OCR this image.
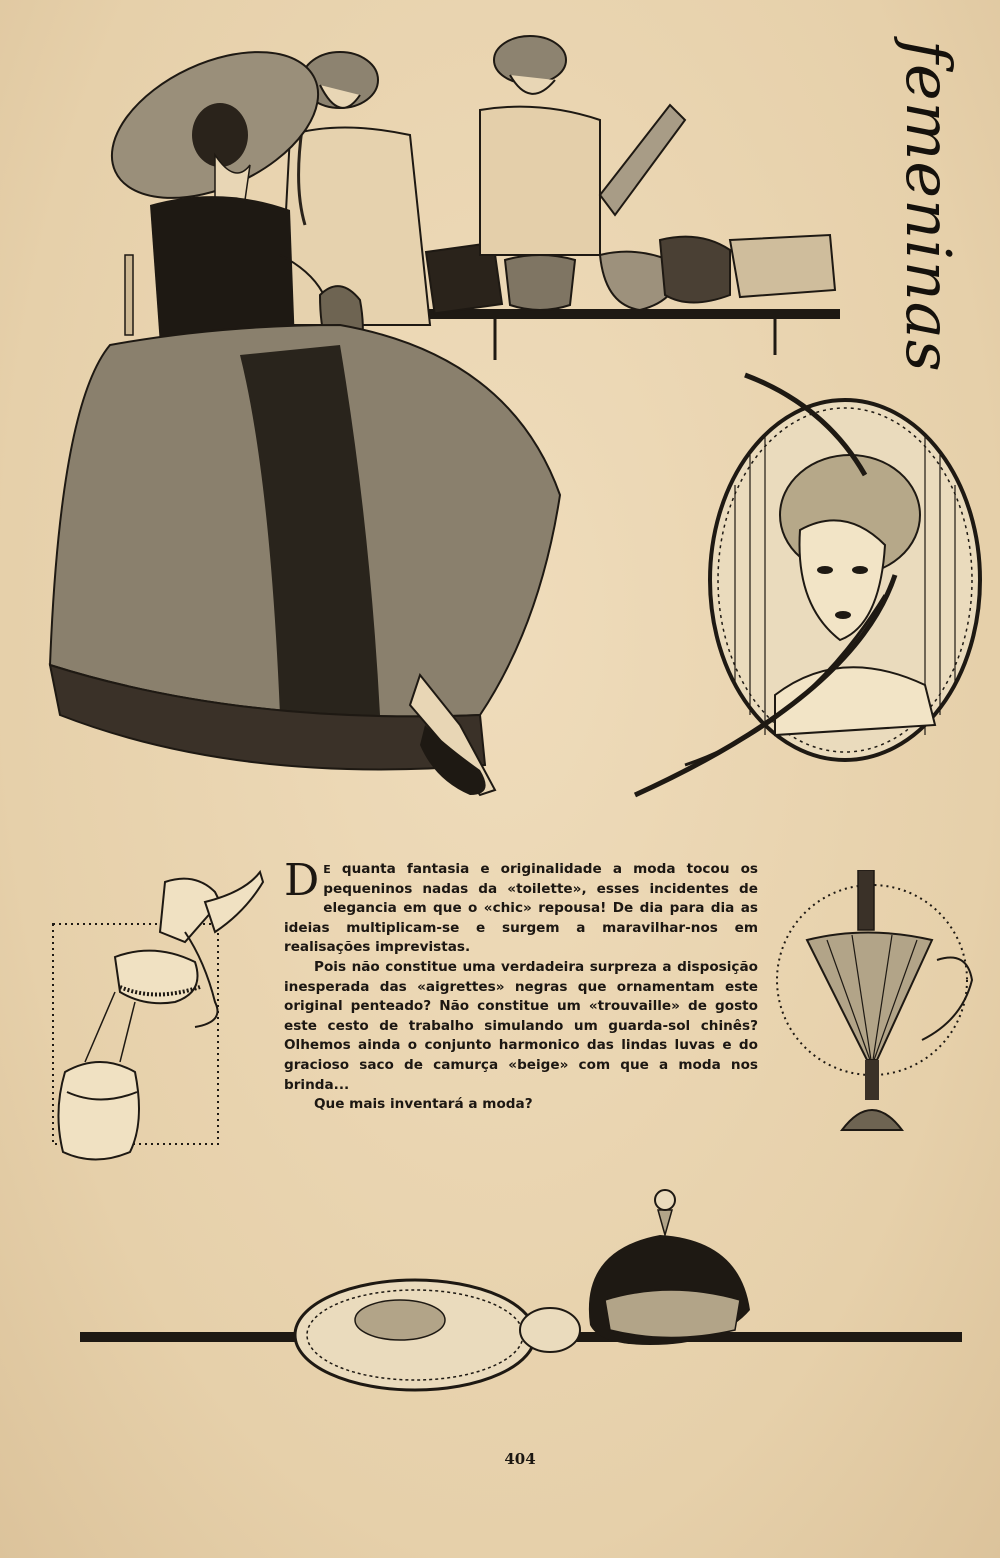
femeninas

D E quanta fantasia e originalidade a moda tocou os pequeninos nadas da «toilette», esses incidentes de elegancia em que o «chic» repousa! De dia para dia as ideias multiplicam-se e surgem a maravilhar-nos em realisações imprevistas.

Pois não constitue uma verdadeira surpreza a disposição inesperada das «aigrettes» negras que ornamentam este original penteado? Não constitue um «trouvaille» de gosto este cesto de trabalho simulando um guarda-sol chinês? Olhemos ainda o conjunto harmonico das lindas luvas e do gracioso saco de camurça «beige» com que a moda nos brinda...

Que mais inventará a moda?

404
